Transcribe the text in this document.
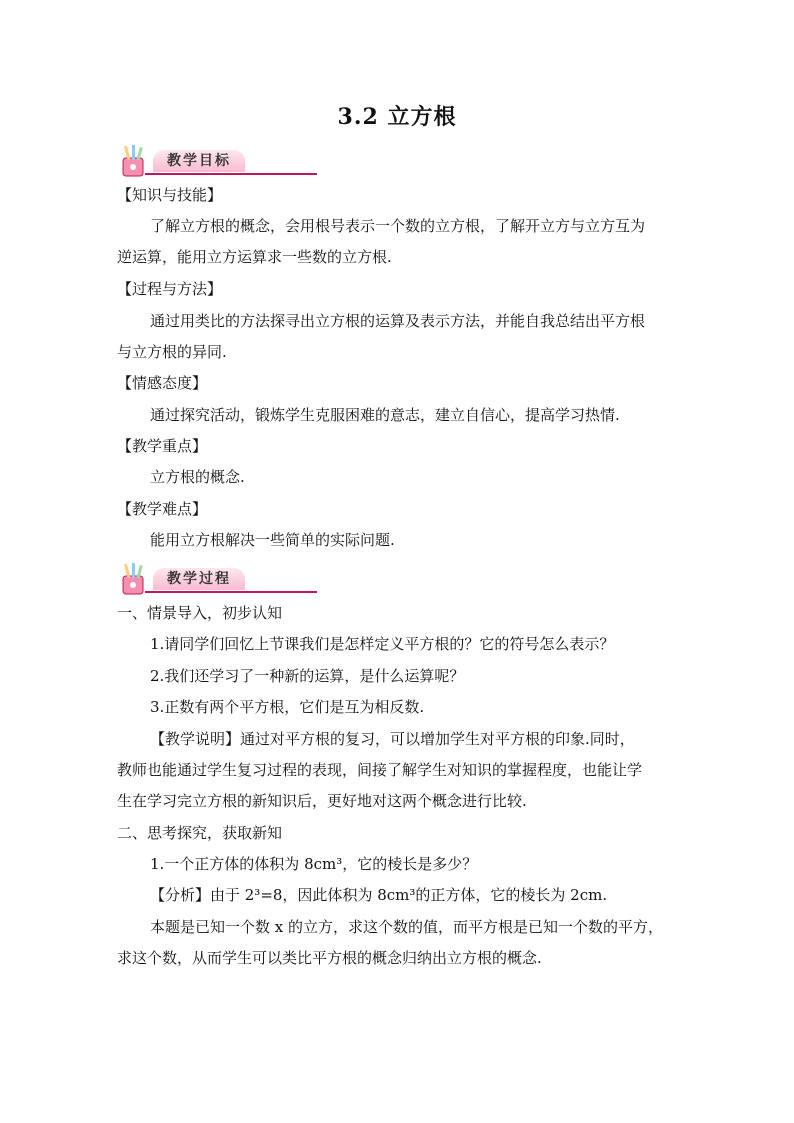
3.2 立方根
教学目标
【知识与技能】
了解立方根的概念，会用根号表示一个数的立方根，了解开立方与立方互为
逆运算，能用立方运算求一些数的立方根.
【过程与方法】
通过用类比的方法探寻出立方根的运算及表示方法，并能自我总结出平方根
与立方根的异同.
【情感态度】
通过探究活动，锻炼学生克服困难的意志，建立自信心，提高学习热情.
【教学重点】
立方根的概念.
【教学难点】
能用立方根解决一些简单的实际问题.
教学过程
一、情景导入，初步认知
1.请同学们回忆上节课我们是怎样定义平方根的？它的符号怎么表示？
2.我们还学习了一种新的运算，是什么运算呢？
3.正数有两个平方根，它们是互为相反数.
【教学说明】通过对平方根的复习，可以增加学生对平方根的印象.同时，
教师也能通过学生复习过程的表现，间接了解学生对知识的掌握程度，也能让学
生在学习完立方根的新知识后，更好地对这两个概念进行比较.
二、思考探究，获取新知
1.一个正方体的体积为 8cm³，它的棱长是多少？
【分析】由于 2³=8，因此体积为 8cm³的正方体，它的棱长为 2cm.
本题是已知一个数 x 的立方，求这个数的值，而平方根是已知一个数的平方，
求这个数，从而学生可以类比平方根的概念归纳出立方根的概念.
